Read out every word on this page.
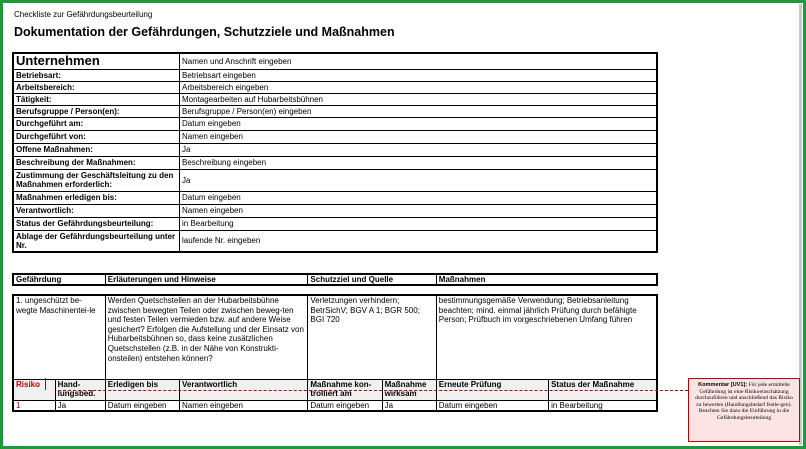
Checkliste zur Gefährdungsbeurteilung
Dokumentation der Gefährdungen, Schutzziele und Maßnahmen
Unternehmen	Namen und Anschrift eingeben
Betriebsart:	Betriebsart eingeben
Arbeitsbereich:	Arbeitsbereich eingeben
Tätigkeit:	Montagearbeiten auf Hubarbeitsbühnen
Berufsgruppe / Person(en):	Berufsgruppe / Person(en) eingeben
Durchgeführt am:	Datum eingeben
Durchgeführt von:	Namen eingeben
Offene Maßnahmen:	Ja
Beschreibung der Maßnahmen:	Beschreibung eingeben
Zustimmung der Geschäftsleitung zu den Maßnahmen erforderlich:	Ja
Maßnahmen erledigen bis:	Datum eingeben
Verantwortlich:	Namen eingeben
Status der Gefährdungsbeurteilung:	in Bearbeitung
Ablage der Gefährdungsbeurteilung unter Nr.	laufende Nr. eingeben
Gefährdung	Erläuterungen und Hinweise	Schutzziel und Quelle	Maßnahmen
1. ungeschützt be-wegte Maschinentei-le		Werden Quetschstellen an der Hubarbeitsbühne zwischen bewegten Teilen oder zwischen beweg-ten und festen Teilen vermieden bzw. auf andere Weise gesichert? Erfolgen die Aufstellung und der Einsatz von Hubarbeitsbühnen so, dass keine zusätzlichen Quetschstellen (z.B. in der Nähe von Konstrukti-onsteilen) entstehen können?		Verletzungen verhindern; BetrSichV; BGV A 1; BGR 500; BGI 720		bestimmungsgemäße Verwendung; Betriebsanleitung beachten; mind. einmal jährlich Prüfung durch befähigte Person; Prüfbuch im vorgeschriebenen Umfang führen	
Risiko	Hand-lungsbed.	Erledigen bis	Verantwortlich	Maßnahme kon-trolliert am	Maßnahme wirksam	Erneute Prüfung	Status der Maßnahme
1	Ja	Datum eingeben	Namen eingeben	Datum eingeben	Ja	Datum eingeben	in Bearbeitung
Kommentar [UV1]: Für jede ermittelte Gefährdung ist eine Risikoeinschätzung durchzuführen und anschließend das Risiko zu bewerten (Handlungsbedarf festle-gen). Beachten Sie dazu die Einführung in die Gefährdungsbeurteilung
